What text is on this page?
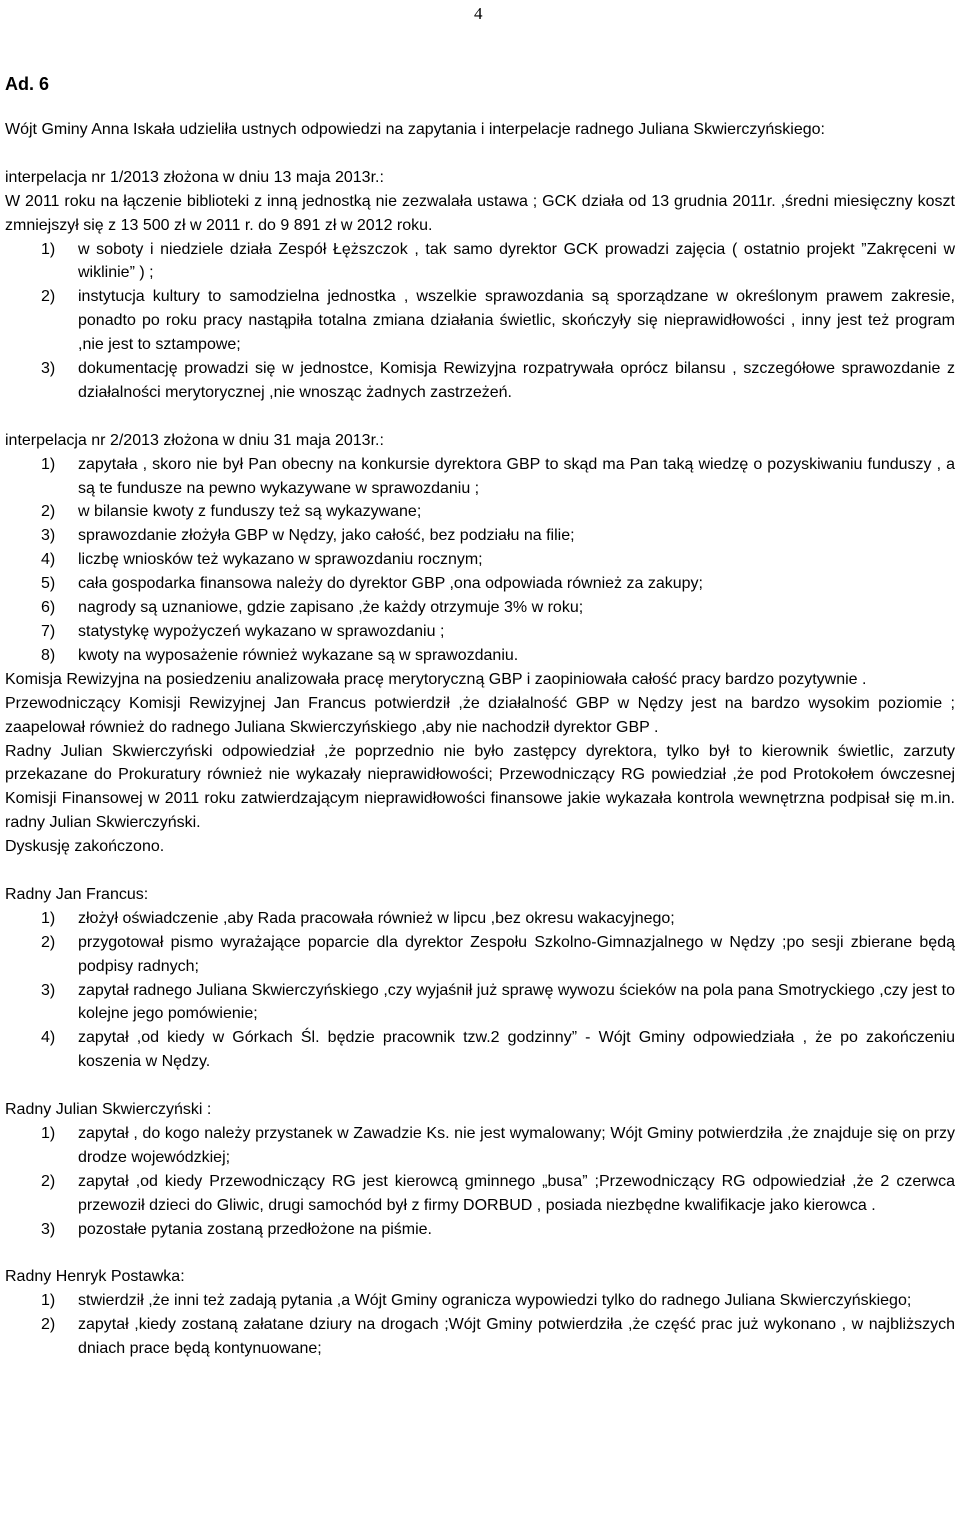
4
Ad. 6

Wójt Gminy Anna Iskała udzieliła ustnych odpowiedzi na zapytania i interpelacje radnego Juliana Skwierczyńskiego:

interpelacja nr 1/2013 złożona w dniu 13 maja 2013r.:

W 2011 roku na łączenie biblioteki z inną jednostką nie zezwalała ustawa ; GCK działa od 13 grudnia 2011r. ,średni miesięczny koszt zmniejszył się z 13 500 zł w 2011 r. do 9 891 zł w 2012 roku.

1) w soboty i niedziele działa Zespół Łęższczok , tak samo dyrektor GCK prowadzi zajęcia ( ostatnio projekt ”Zakręceni w wiklinie” ) ;
2) instytucja kultury to samodzielna jednostka , wszelkie sprawozdania są sporządzane w określonym prawem zakresie, ponadto po roku pracy nastąpiła totalna zmiana działania świetlic, skończyły się nieprawidłowości , inny jest też program ,nie jest to sztampowe;
3) dokumentację prowadzi się w jednostce, Komisja Rewizyjna rozpatrywała oprócz bilansu , szczegółowe sprawozdanie z działalności merytorycznej ,nie wnosząc żadnych zastrzeżeń.

interpelacja nr 2/2013 złożona w dniu 31 maja 2013r.:

1) zapytała , skoro nie był Pan obecny na konkursie dyrektora GBP to skąd ma Pan taką wiedzę o pozyskiwaniu funduszy , a są te fundusze na pewno wykazywane w sprawozdaniu ;
2) w bilansie kwoty z funduszy też są wykazywane;
3) sprawozdanie złożyła GBP w Nędzy, jako całość, bez podziału na filie;
4) liczbę wniosków też wykazano w sprawozdaniu rocznym;
5) cała gospodarka finansowa należy do dyrektor GBP ,ona odpowiada również za zakupy;
6) nagrody są uznaniowe, gdzie zapisano ,że każdy otrzymuje 3% w roku;
7) statystykę wypożyczeń wykazano w sprawozdaniu ;
8) kwoty na wyposażenie również wykazane są w sprawozdaniu.

Komisja Rewizyjna na posiedzeniu analizowała pracę merytoryczną GBP i zaopiniowała całość pracy bardzo pozytywnie .

Przewodniczący Komisji Rewizyjnej Jan Francus potwierdził ,że działalność GBP w Nędzy jest na bardzo wysokim poziomie ; zaapelował również do radnego Juliana Skwierczyńskiego ,aby nie nachodził dyrektor GBP .

Radny Julian Skwierczyński odpowiedział ,że poprzednio nie było zastępcy dyrektora, tylko był to kierownik świetlic, zarzuty przekazane do Prokuratury również nie wykazały nieprawidłowości; Przewodniczący RG powiedział ,że pod Protokołem ówczesnej Komisji Finansowej w 2011 roku zatwierdzającym nieprawidłowości finansowe jakie wykazała kontrola wewnętrzna podpisał się m.in. radny Julian Skwierczyński.

Dyskusję zakończono.

Radny Jan Francus:

1) złożył oświadczenie ,aby Rada pracowała również w lipcu ,bez okresu wakacyjnego;
2) przygotował pismo wyrażające poparcie dla dyrektor Zespołu Szkolno-Gimnazjalnego w Nędzy ;po sesji zbierane będą podpisy radnych;
3) zapytał radnego Juliana Skwierczyńskiego ,czy wyjaśnił już sprawę wywozu ścieków na pola pana Smotryckiego ,czy jest to kolejne jego pomówienie;
4) zapytał ,od kiedy w Górkach Śl. będzie pracownik tzw.2 godzinny” - Wójt Gminy odpowiedziała , że po zakończeniu koszenia w Nędzy.

Radny Julian Skwierczyński :

1) zapytał , do kogo należy przystanek w Zawadzie Ks. nie jest wymalowany; Wójt Gminy potwierdziła ,że znajduje się on przy drodze wojewódzkiej;
2) zapytał ,od kiedy Przewodniczący RG jest kierowcą gminnego „busa” ;Przewodniczący RG odpowiedział ,że 2 czerwca przewoził dzieci do Gliwic, drugi samochód był z firmy DORBUD , posiada niezbędne kwalifikacje jako kierowca .
3) pozostałe pytania zostaną przedłożone na piśmie.

Radny Henryk Postawka:

1) stwierdził ,że inni też zadają pytania ,a Wójt Gminy ogranicza wypowiedzi tylko do radnego Juliana Skwierczyńskiego;
2) zapytał ,kiedy zostaną załatane dziury na drogach ;Wójt Gminy potwierdziła ,że część prac już wykonano , w najbliższych dniach prace będą kontynuowane;
